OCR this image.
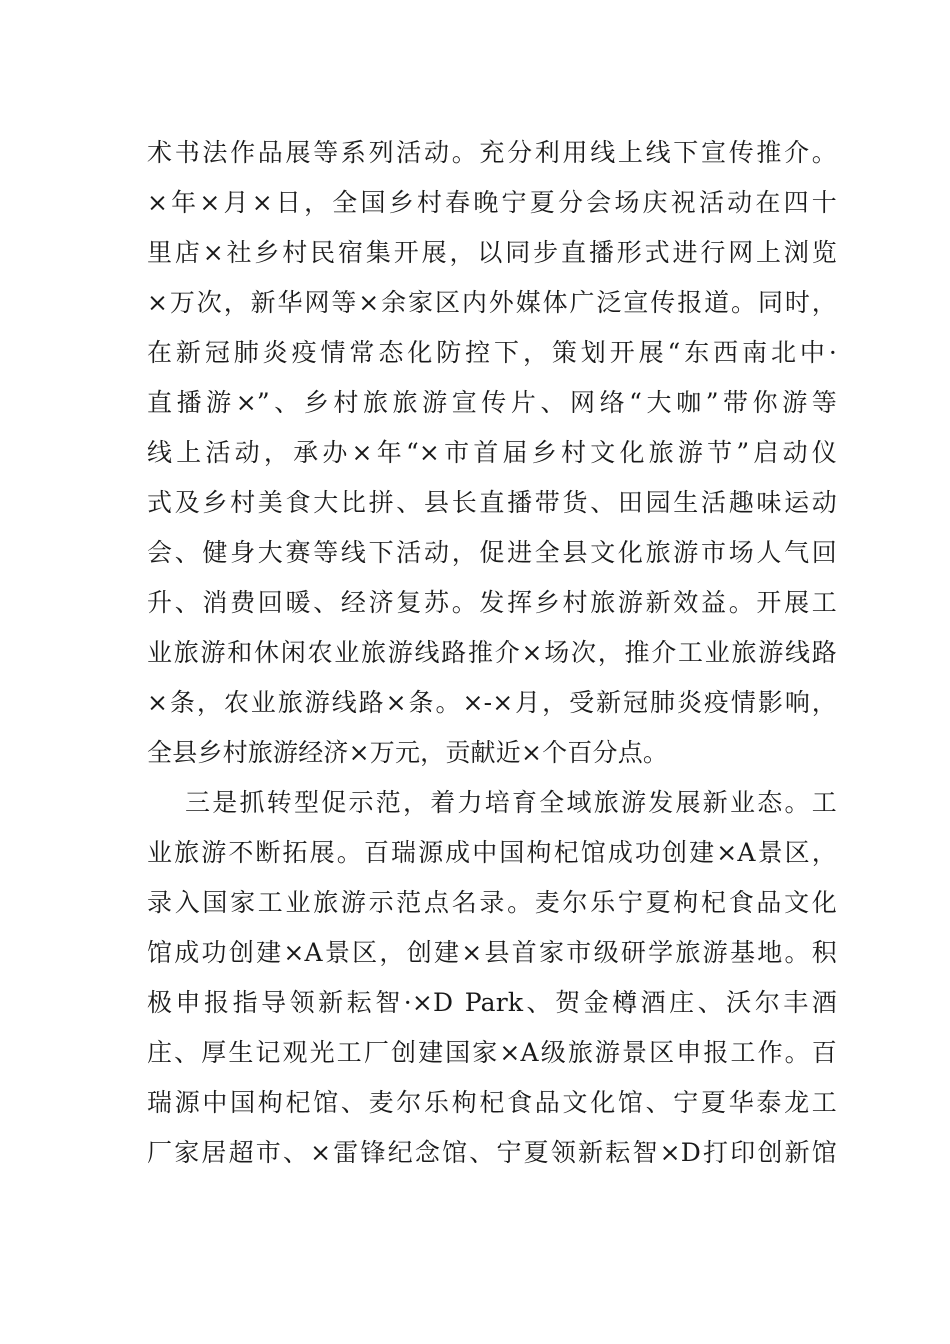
术书法作品展等系列活动。充分利用线上线下宣传推介。
×年×月×日，全国乡村春晚宁夏分会场庆祝活动在四十
里店×社乡村民宿集开展，以同步直播形式进行网上浏览
×万次，新华网等×余家区内外媒体广泛宣传报道。同时，
在新冠肺炎疫情常态化防控下，策划开展“东西南北中·
直播游×”、乡村旅旅游宣传片、网络“大咖”带你游等
线上活动，承办×年“×市首届乡村文化旅游节”启动仪
式及乡村美食大比拼、县长直播带货、田园生活趣味运动
会、健身大赛等线下活动，促进全县文化旅游市场人气回
升、消费回暖、经济复苏。发挥乡村旅游新效益。开展工
业旅游和休闲农业旅游线路推介×场次，推介工业旅游线路
×条，农业旅游线路×条。×-×月，受新冠肺炎疫情影响，
全县乡村旅游经济×万元，贡献近×个百分点。
三是抓转型促示范，着力培育全域旅游发展新业态。工
业旅游不断拓展。百瑞源成中国枸杞馆成功创建×A景区，
录入国家工业旅游示范点名录。麦尔乐宁夏枸杞食品文化
馆成功创建×A景区，创建×县首家市级研学旅游基地。积
极申报指导领新耘智·×D Park、贺金樽酒庄、沃尔丰酒
庄、厚生记观光工厂创建国家×A级旅游景区申报工作。百
瑞源中国枸杞馆、麦尔乐枸杞食品文化馆、宁夏华泰龙工
厂家居超市、×雷锋纪念馆、宁夏领新耘智×D打印创新馆
